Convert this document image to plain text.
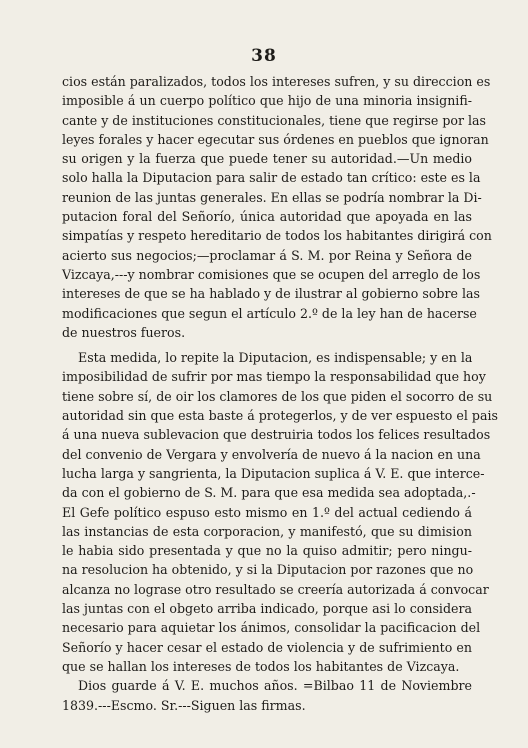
38
cios están paralizados, todos los intereses sufren, y su direccion es
imposible á un cuerpo político que hijo de una minoria insignifi-
cante y de instituciones constitucionales, tiene que regirse por las
leyes forales y hacer egecutar sus órdenes en pueblos que ignoran
su origen y la fuerza que puede tener su autoridad.—Un medio
solo halla la Diputacion para salir de estado tan crítico: este es la
reunion de las juntas generales. En ellas se podría nombrar la Di-
putacion foral del Señorío, única autoridad que apoyada en las
simpatías y respeto hereditario de todos los habitantes dirigirá con
acierto sus negocios;—proclamar á S. M. por Reina y Señora de
Vizcaya,---y nombrar comisiones que se ocupen del arreglo de los
intereses de que se ha hablado y de ilustrar al gobierno sobre las
modificaciones que segun el artículo 2.º de la ley han de hacerse
de nuestros fueros.
Esta medida, lo repite la Diputacion, es indispensable; y en la
imposibilidad de sufrir por mas tiempo la responsabilidad que hoy
tiene sobre sí, de oir los clamores de los que piden el socorro de su
autoridad sin que esta baste á protegerlos, y de ver espuesto el pais
á una nueva sublevacion que destruiria todos los felices resultados
del convenio de Vergara y envolvería de nuevo á la nacion en una
lucha larga y sangrienta, la Diputacion suplica á V. E. que interce-
da con el gobierno de S. M. para que esa medida sea adoptada,.-
El Gefe político espuso esto mismo en 1.º del actual cediendo á
las instancias de esta corporacion, y manifestó, que su dimision
le habia sido presentada y que no la quiso admitir; pero ningu-
na resolucion ha obtenido, y si la Diputacion por razones que no
alcanza no lograse otro resultado se creería autorizada á convocar
las juntas con el obgeto arriba indicado, porque asi lo considera
necesario para aquietar los ánimos, consolidar la pacificacion del
Señorío y hacer cesar el estado de violencia y de sufrimiento en
que se hallan los intereses de todos los habitantes de Vizcaya.
Dios guarde á V. E. muchos años. =Bilbao 11 de Noviembre
1839.---Escmo. Sr.---Siguen las firmas.
